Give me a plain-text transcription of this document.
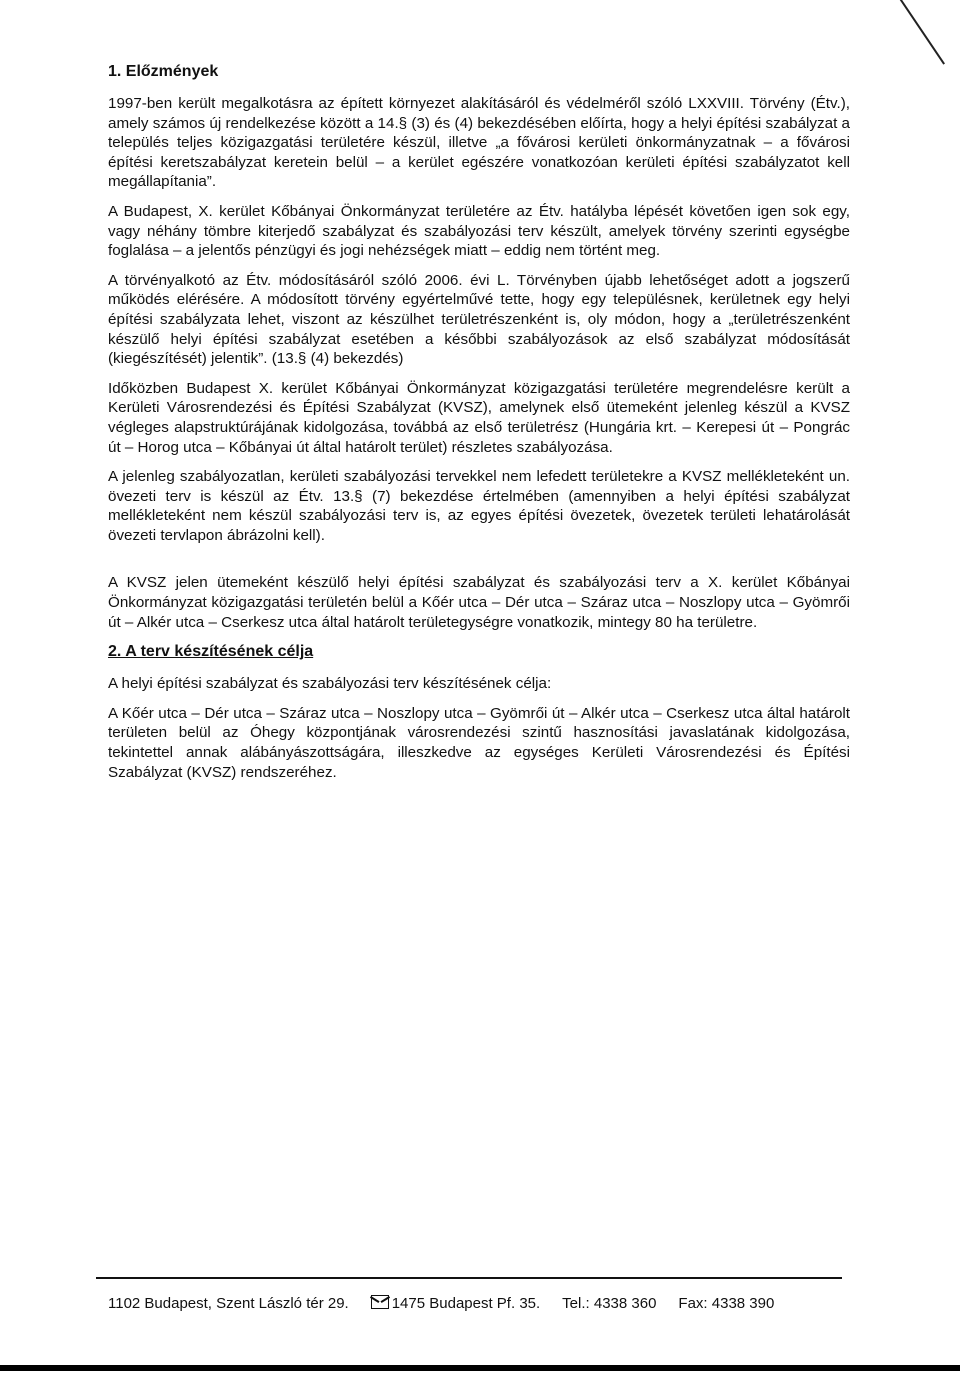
1. Előzmények

1997-ben került megalkotásra az épített környezet alakításáról és védelméről szóló LXXVIII. Törvény (Étv.), amely számos új rendelkezése között a 14.§ (3) és (4) bekezdésében előírta, hogy a helyi építési szabályzat a település teljes közigazgatási területére készül, illetve „a fővárosi kerületi önkormányzatnak – a fővárosi építési keretszabályzat keretein belül – a kerület egészére vonatkozóan kerületi építési szabályzatot kell megállapítania”.

A Budapest, X. kerület Kőbányai Önkormányzat területére az Étv. hatályba lépését követően igen sok egy, vagy néhány tömbre kiterjedő szabályzat és szabályozási terv készült, amelyek törvény szerinti egységbe foglalása – a jelentős pénzügyi és jogi nehézségek miatt – eddig nem történt meg.

A törvényalkotó az Étv. módosításáról szóló 2006. évi L. Törvényben újabb lehetőséget adott a jogszerű működés elérésére. A módosított törvény egyértelművé tette, hogy egy településnek, kerületnek egy helyi építési szabályzata lehet, viszont az készülhet területrészenként is, oly módon, hogy a „területrészenként készülő helyi építési szabályzat esetében a későbbi szabályozások az első szabályzat módosítását (kiegészítését) jelentik”. (13.§ (4) bekezdés)

Időközben Budapest X. kerület Kőbányai Önkormányzat közigazgatási területére megrendelésre került a Kerületi Városrendezési és Építési Szabályzat (KVSZ), amelynek első ütemeként jelenleg készül a KVSZ végleges alapstruktúrájának kidolgozása, továbbá az első területrész (Hungária krt. – Kerepesi út – Pongrác út – Horog utca – Kőbányai út által határolt terület) részletes szabályozása.

A jelenleg szabályozatlan, kerületi szabályozási tervekkel nem lefedett területekre a KVSZ mellékleteként un. övezeti terv is készül az Étv. 13.§ (7) bekezdése értelmében (amennyiben a helyi építési szabályzat mellékleteként nem készül szabályozási terv is, az egyes építési övezetek, övezetek területi lehatárolását övezeti tervlapon ábrázolni kell).

A KVSZ jelen ütemeként készülő helyi építési szabályzat és szabályozási terv a X. kerület Kőbányai Önkormányzat közigazgatási területén belül a Kőér utca – Dér utca – Száraz utca – Noszlopy utca – Gyömrői út – Alkér utca – Cserkesz utca által határolt területegységre vonatkozik, mintegy 80 ha területre.

2. A terv készítésének célja

A helyi építési szabályzat és szabályozási terv készítésének célja:

A Kőér utca – Dér utca – Száraz utca – Noszlopy utca – Gyömrői út – Alkér utca – Cserkesz utca által határolt területen belül az Óhegy központjának városrendezési szintű hasznosítási javaslatának kidolgozása, tekintettel annak alábányászottságára, illeszkedve az egységes Kerületi Városrendezési és Építési Szabályzat (KVSZ) rendszeréhez.

1102 Budapest, Szent László tér 29.	1475 Budapest Pf. 35. Tel.: 4338 360 Fax: 4338 390
